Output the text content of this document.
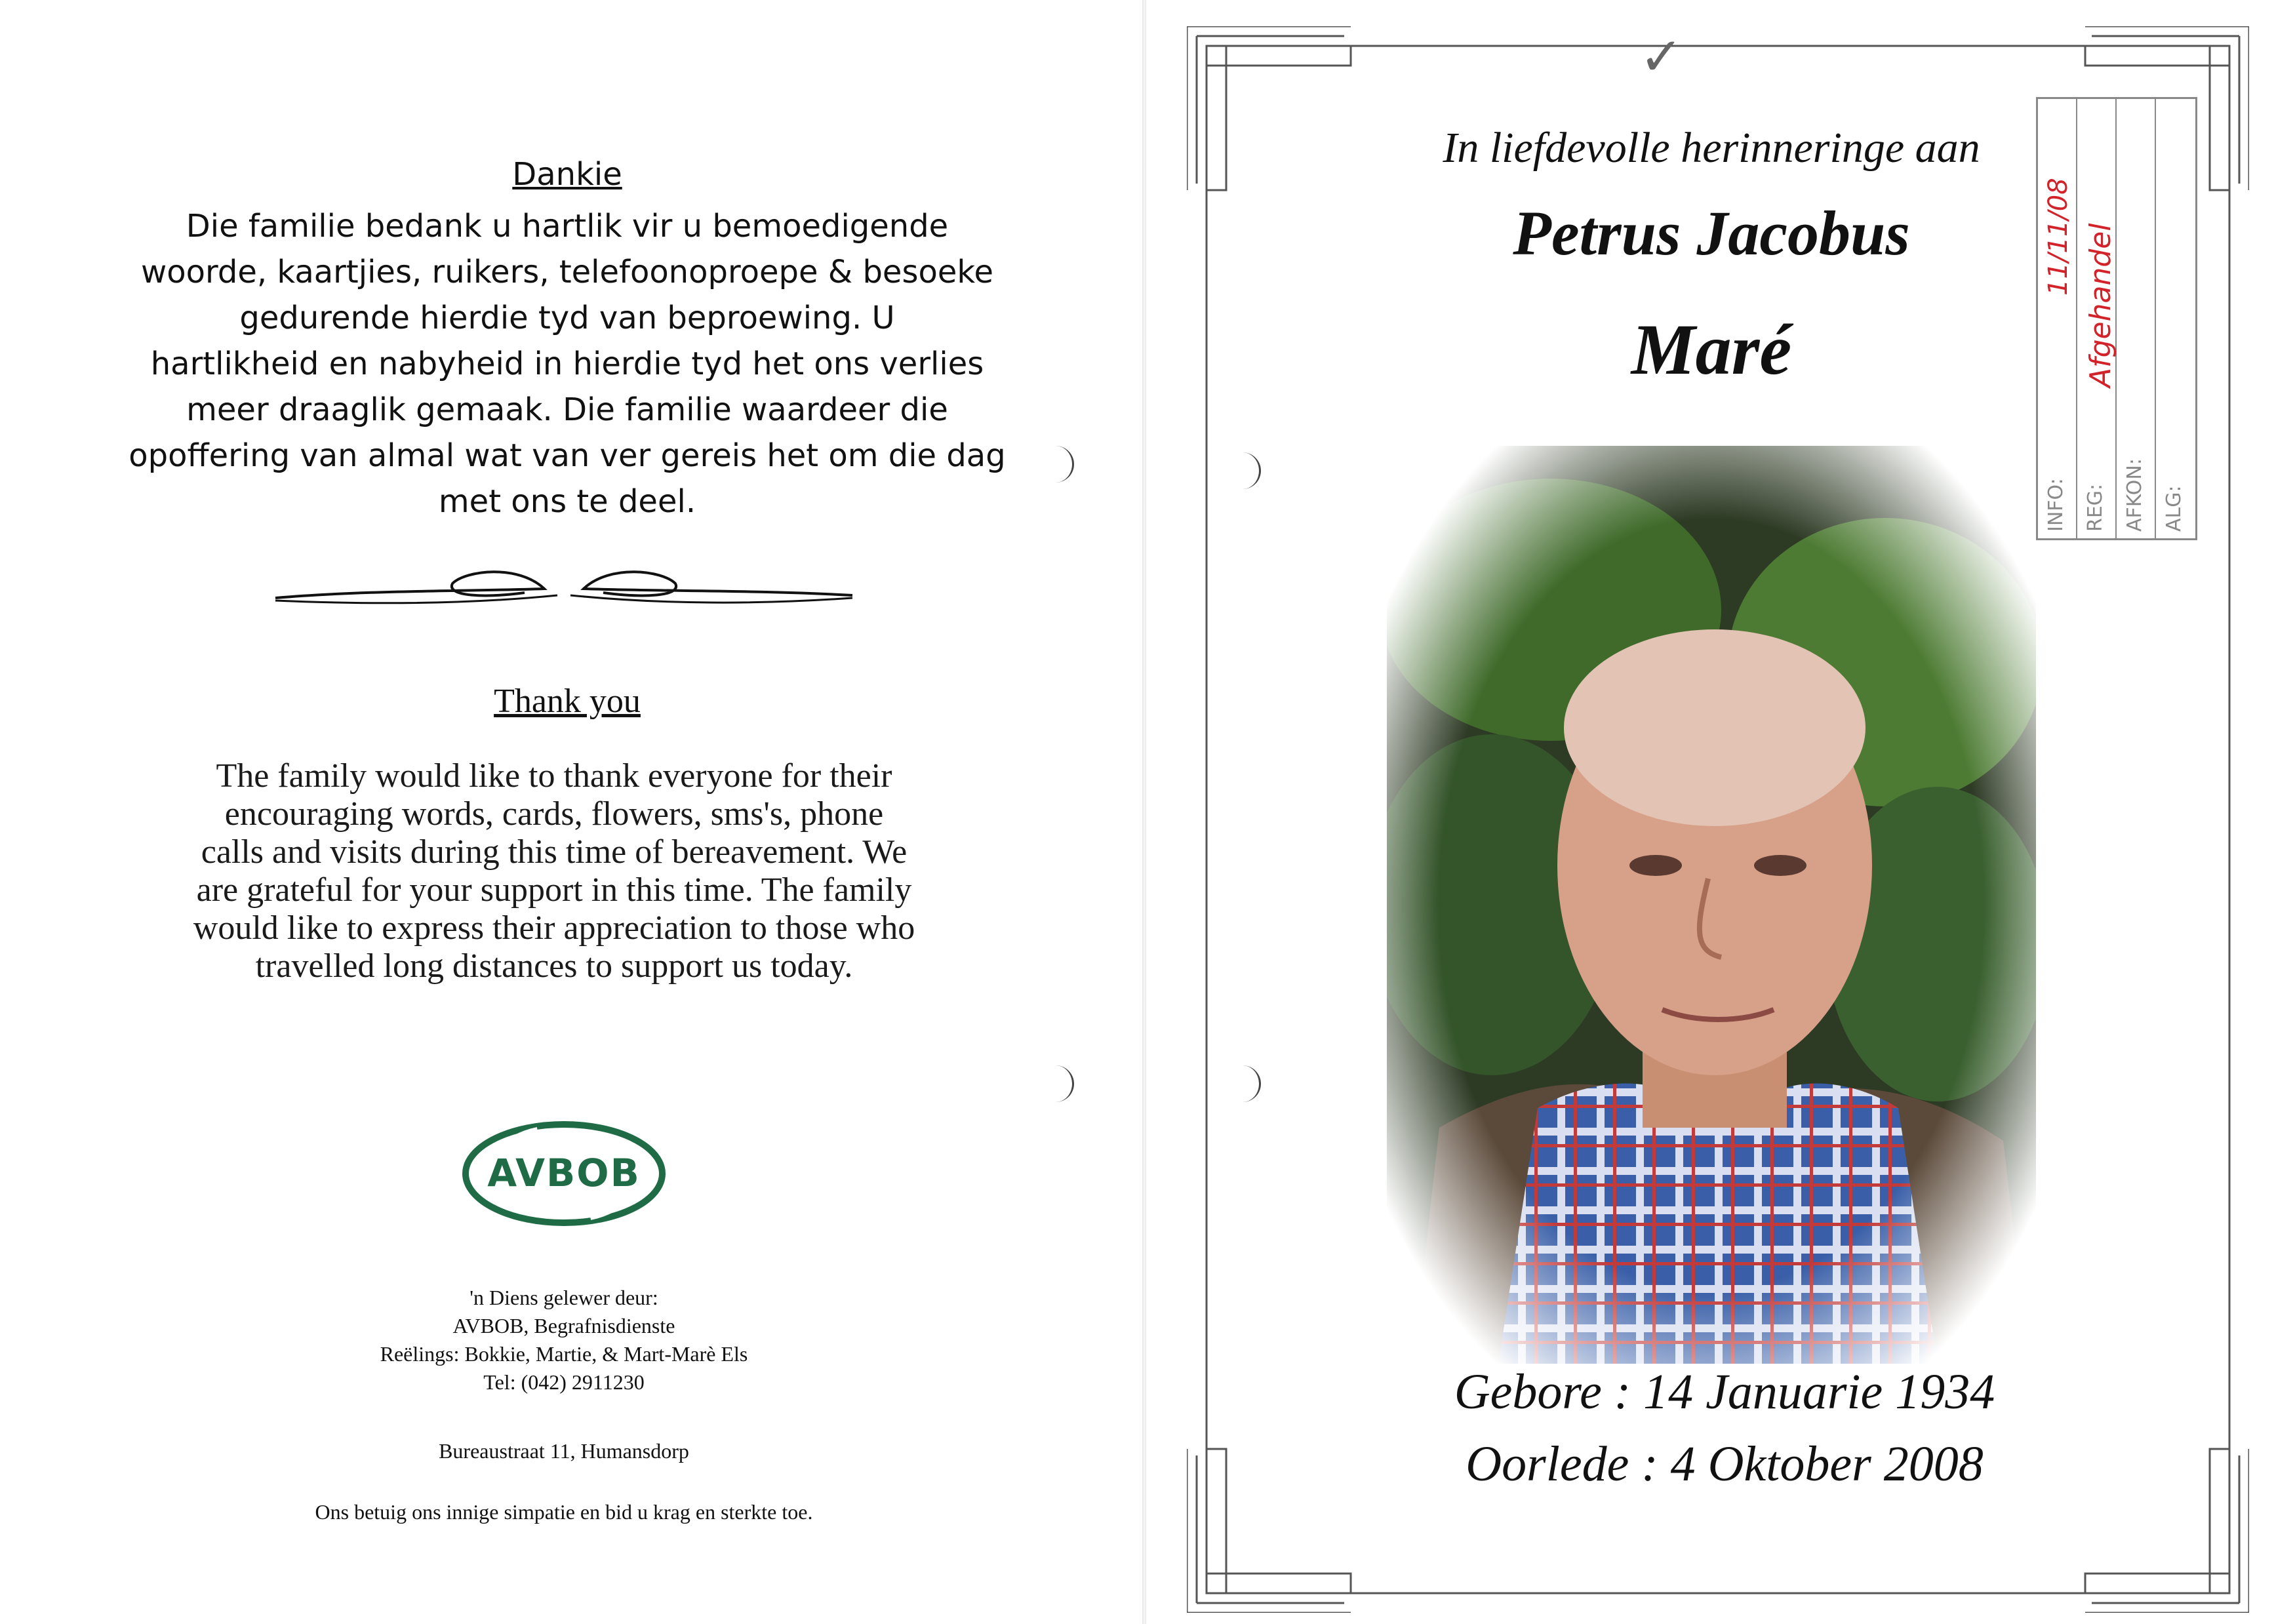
Dankie

Die familie bedank u hartlik vir u bemoedigende

woorde, kaartjies, ruikers, telefoonoproepe & besoeke

gedurende hierdie tyd van beproewing. U

hartlikheid en nabyheid in hierdie tyd het ons verlies

meer draaglik gemaak. Die familie waardeer die

opoffering van almal wat van ver gereis het om die dag

met ons te deel.

Thank you

The family would like to thank everyone for their

encouraging words, cards, flowers, sms's, phone

calls and visits during this time of bereavement. We

are grateful for your support in this time. The family

would like to express their appreciation to those who

travelled long distances to support us today.

AVBOB

'n Diens gelewer deur:

AVBOB, Begrafnisdienste

Reëlings: Bokkie, Martie, & Mart-Marè Els

Tel: (042) 2911230

Bureaustraat 11, Humansdorp
Ons betuig ons innige simpatie en bid u krag en sterkte toe.
✓
In liefdevolle herinneringe aan
Petrus Jacobus
Maré
Gebore : 14 Januarie 1934
Oorlede : 4 Oktober 2008
INFO: REG: AFKON: ALG:
11/11/08 Afgehandel
